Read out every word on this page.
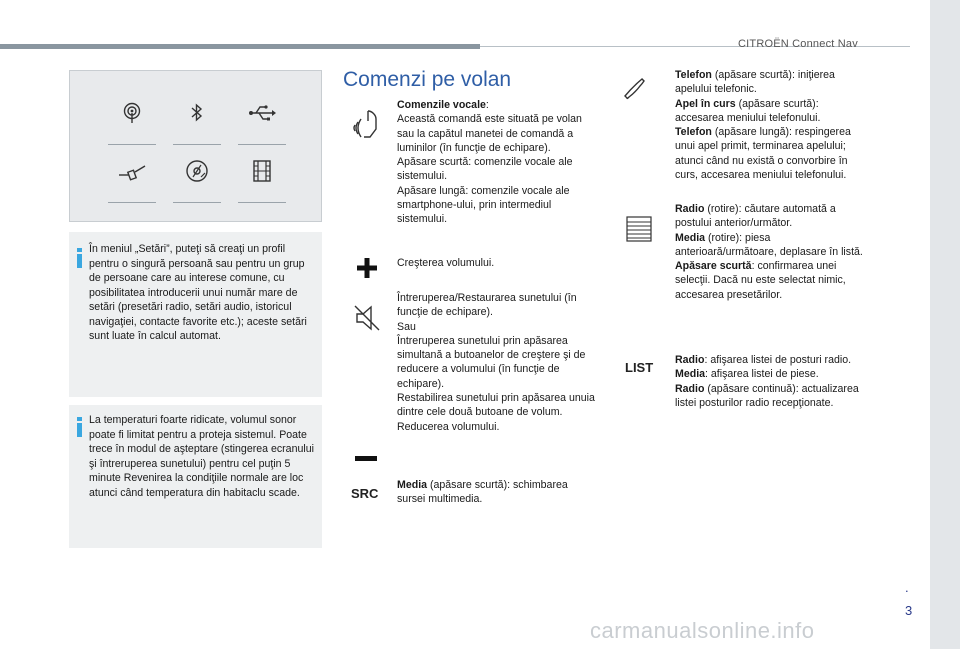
CITROËN Connect Nav

În meniul „Setări”, puteţi să creaţi un profil pentru o singură persoană sau pentru un grup de persoane care au interese comune, cu posibilitatea introducerii unui număr mare de setări (presetări radio, setări audio, istoricul navigaţiei, contacte favorite etc.); aceste setări sunt luate în calcul automat.

La temperaturi foarte ridicate, volumul sonor poate fi limitat pentru a proteja sistemul. Poate trece în modul de aşteptare (stingerea ecranului şi întreruperea sunetului) pentru cel puţin 5 minute Revenirea la condiţiile normale are loc atunci când temperatura din habitaclu scade.

Comenzi pe volan

Comenzile vocale:

Această comandă este situată pe volan sau la capătul manetei de comandă a luminilor (în funcţie de echipare).

Apăsare scurtă: comenzile vocale ale sistemului.

Apăsare lungă: comenzile vocale ale smartphone-ului, prin intermediul sistemului.

Creşterea volumului.

Întreruperea/Restaurarea sunetului (în funcţie de echipare).

Sau

Întreruperea sunetului prin apăsarea simultană a butoanelor de creştere şi de reducere a volumului (în funcţie de echipare).

Restabilirea sunetului prin apăsarea unuia dintre cele două butoane de volum.

Reducerea volumului.

SRC

Media (apăsare scurtă): schimbarea sursei multimedia.

Telefon (apăsare scurtă): iniţierea apelului telefonic.

Apel în curs (apăsare scurtă): accesarea meniului telefonului.

Telefon (apăsare lungă): respingerea unui apel primit, terminarea apelului; atunci când nu există o convorbire în curs, accesarea meniului telefonului.

Radio (rotire): căutare automată a postului anterior/următor.

Media (rotire): piesa anterioară/următoare, deplasare în listă.

Apăsare scurtă: confirmarea unei selecţii. Dacă nu este selectat nimic, accesarea presetărilor.

LIST Radio: afişarea listei de posturi radio.

Media: afişarea listei de piese.

Radio (apăsare continuă): actualizarea listei posturilor radio recepţionate.

.
3
carmanualsonline.info
